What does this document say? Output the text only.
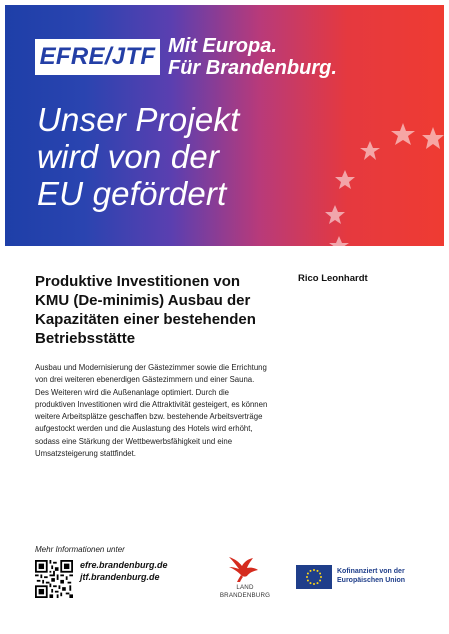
EFRE/JTF Mit Europa.
Für Brandenburg.
Unser Projekt
wird von der
EU gefördert
Produktive Investitionen von KMU (De-minimis) Ausbau der Kapazitäten einer bestehenden Betriebsstätte
Rico Leonhardt

Ausbau und Modernisierung der Gästezimmer sowie die Errichtung von drei weiteren ebenerdigen Gästezimmern und einer Sauna. Des Weiteren wird die Außenanlage optimiert. Durch die produktiven Investitionen wird die Attraktivität gesteigert, es können weitere Arbeitsplätze geschaffen bzw. bestehende Arbeitsverträge aufgestockt werden und die Auslastung des Hotels wird erhöht, sodass eine Stärkung der Wettbewerbsfähigkeit und eine Umsatzsteigerung stattfindet.

Mehr Informationen unter
efre.brandenburg.de
jtf.brandenburg.de
LAND
BRANDENBURG
Kofinanziert von der
Europäischen Union
